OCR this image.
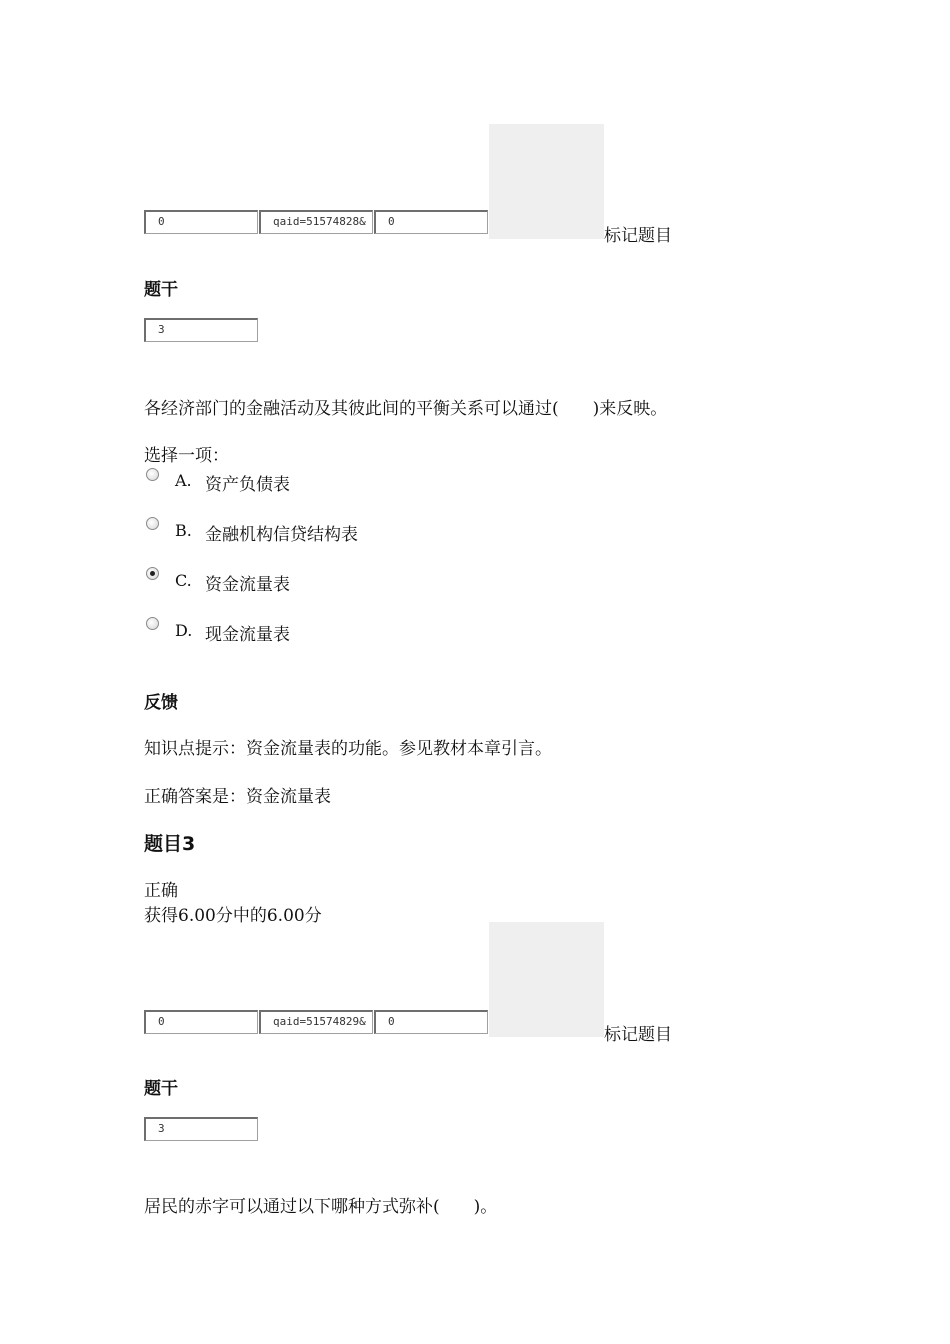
0	qaid=51574828&	0
标记题目
题干
3
各经济部门的金融活动及其彼此间的平衡关系可以通过(　　)来反映。
选择一项：
A. 资产负债表
B. 金融机构信贷结构表
C. 资金流量表
D. 现金流量表
反馈
知识点提示：资金流量表的功能。参见教材本章引言。
正确答案是：资金流量表
题目3
正确
获得6.00分中的6.00分
0	qaid=51574829&	0
标记题目
题干
3
居民的赤字可以通过以下哪种方式弥补(　　)。
